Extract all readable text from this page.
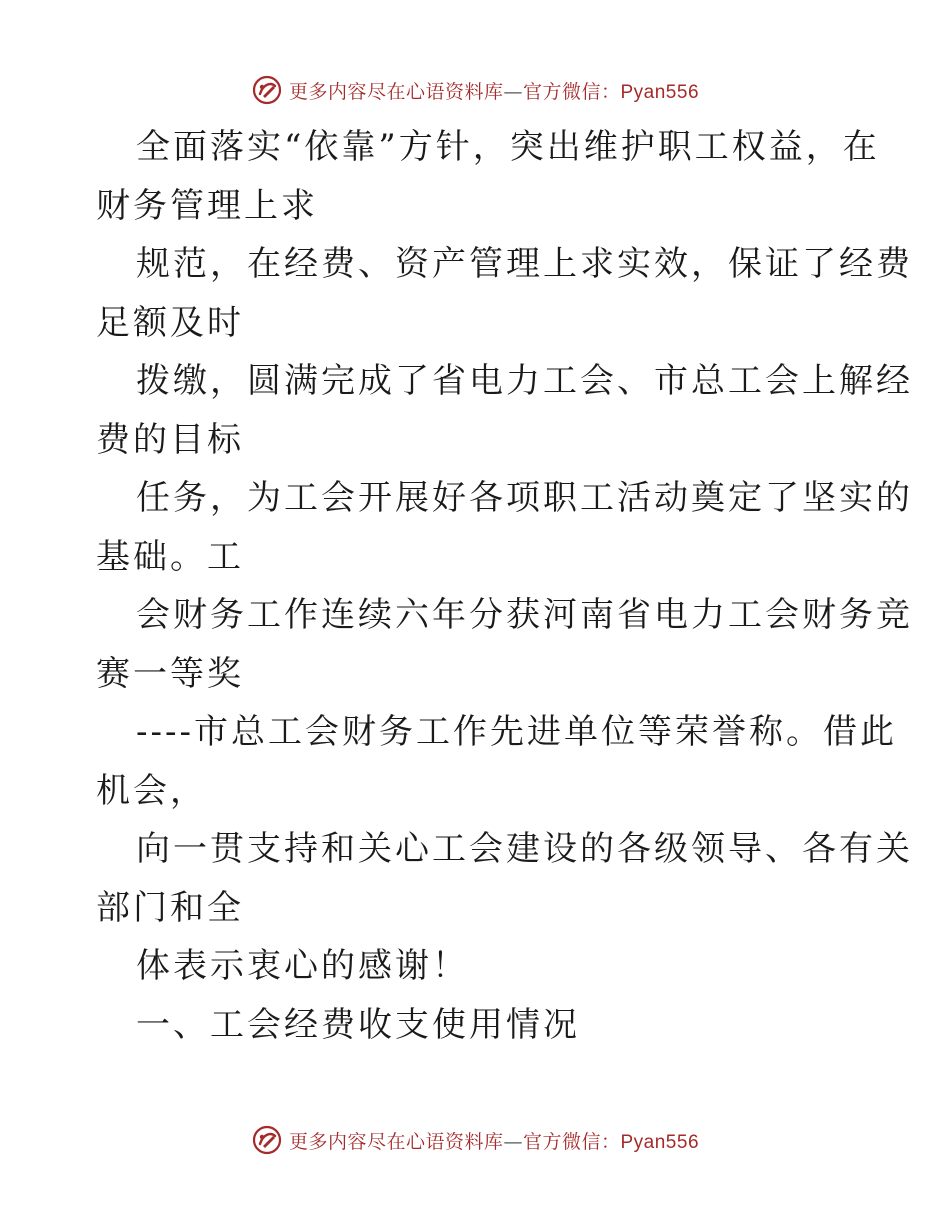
更多内容尽在心语资料库—官方微信：Pyan556
全面落实“依靠”方针，突出维护职工权益，在
财务管理上求
规范，在经费、资产管理上求实效，保证了经费
足额及时
拨缴，圆满完成了省电力工会、市总工会上解经
费的目标
任务，为工会开展好各项职工活动奠定了坚实的
基础。工
会财务工作连续六年分获河南省电力工会财务竞
赛一等奖
----市总工会财务工作先进单位等荣誉称。借此
机会，
向一贯支持和关心工会建设的各级领导、各有关
部门和全
体表示衷心的感谢！
一、工会经费收支使用情况
更多内容尽在心语资料库—官方微信：Pyan556
